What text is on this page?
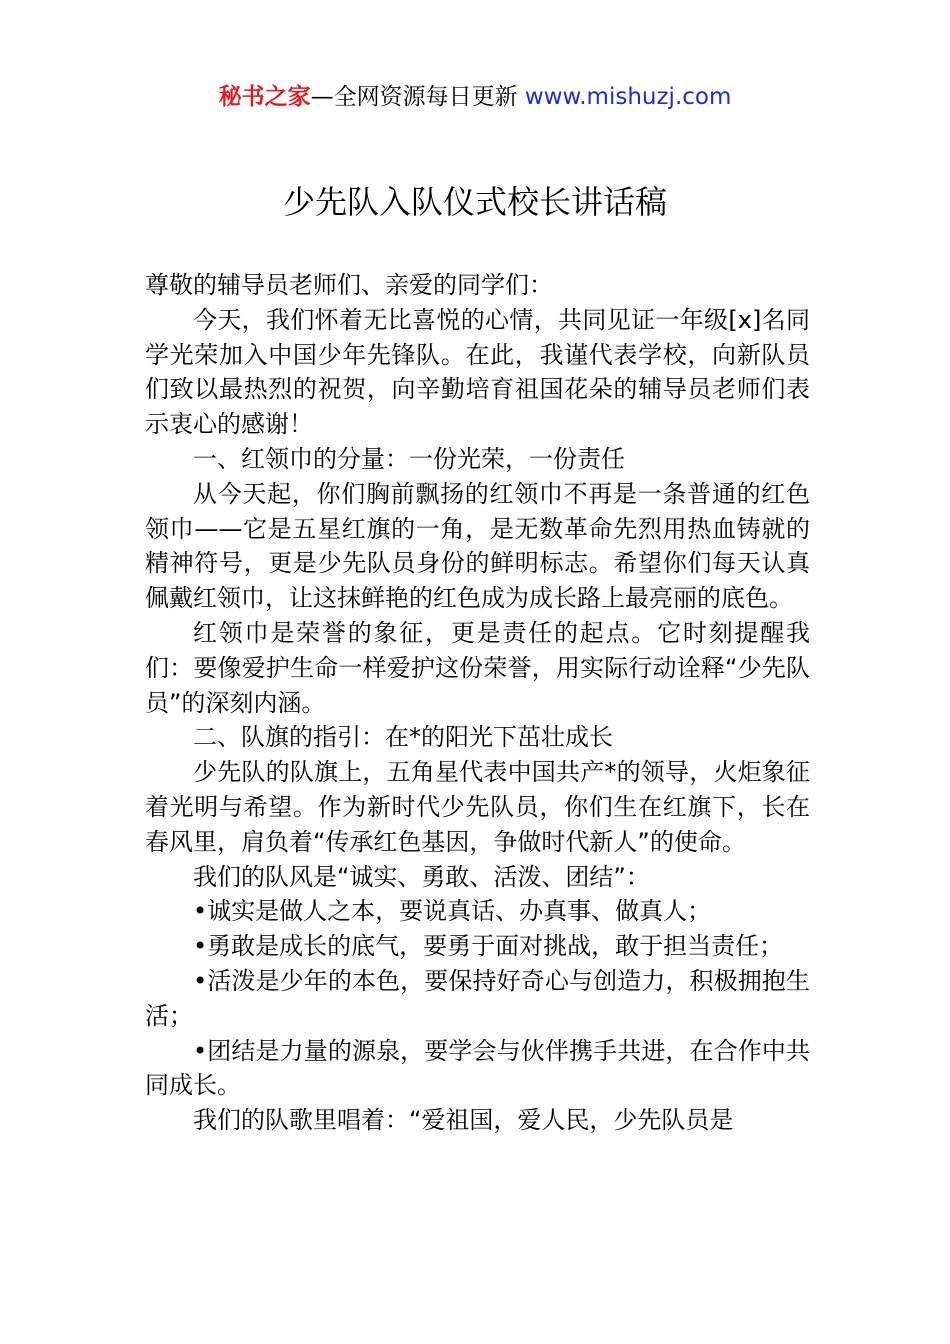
秘书之家—全网资源每日更新 www.mishuzj.com
少先队入队仪式校长讲话稿

尊敬的辅导员老师们、亲爱的同学们：

今天，我们怀着无比喜悦的心情，共同见证一年级[x]名同学光荣加入中国少年先锋队。在此，我谨代表学校，向新队员们致以最热烈的祝贺，向辛勤培育祖国花朵的辅导员老师们表示衷心的感谢！

一、红领巾的分量：一份光荣，一份责任

从今天起，你们胸前飘扬的红领巾不再是一条普通的红色领巾——它是五星红旗的一角，是无数革命先烈用热血铸就的精神符号，更是少先队员身份的鲜明标志。希望你们每天认真佩戴红领巾，让这抹鲜艳的红色成为成长路上最亮丽的底色。

红领巾是荣誉的象征，更是责任的起点。它时刻提醒我们：要像爱护生命一样爱护这份荣誉，用实际行动诠释“少先队员”的深刻内涵。

二、队旗的指引：在*的阳光下茁壮成长

少先队的队旗上，五角星代表中国共产*的领导，火炬象征着光明与希望。作为新时代少先队员，你们生在红旗下，长在春风里，肩负着“传承红色基因，争做时代新人”的使命。

我们的队风是“诚实、勇敢、活泼、团结”：

•诚实是做人之本，要说真话、办真事、做真人；

•勇敢是成长的底气，要勇于面对挑战，敢于担当责任；

•活泼是少年的本色，要保持好奇心与创造力，积极拥抱生活；

•团结是力量的源泉，要学会与伙伴携手共进，在合作中共同成长。

我们的队歌里唱着：“爱祖国，爱人民，少先队员是
